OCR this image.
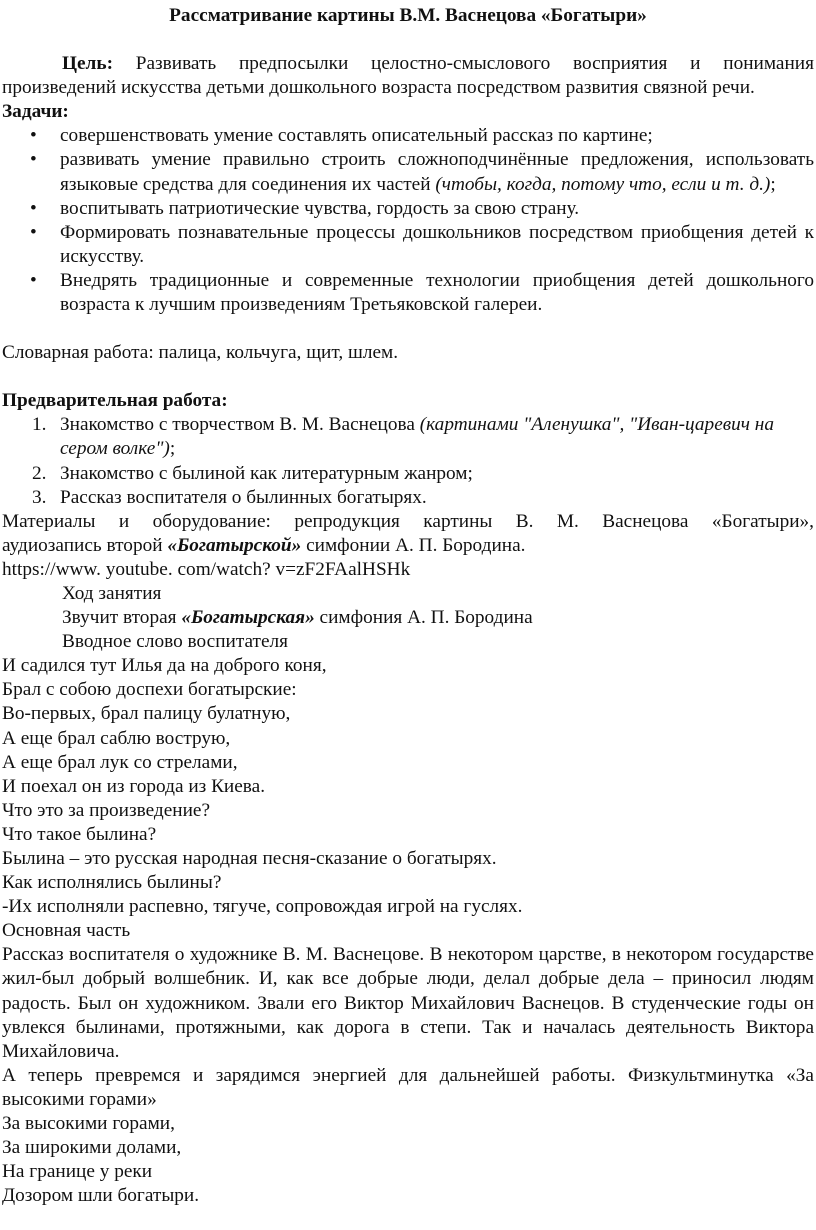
Рассматривание картины В.М. Васнецова «Богатыри»

Цель: Развивать предпосылки целостно-смыслового восприятия и понимания произведений искусства детьми дошкольного возраста посредством развития связной речи.

Задачи:

• совершенствовать умение составлять описательный рассказ по картине;
• развивать умение правильно строить сложноподчинённые предложения, использовать языковые средства для соединения их частей (чтобы, когда, потому что, если и т. д.);
• воспитывать патриотические чувства, гордость за свою страну.
• Формировать познавательные процессы дошкольников посредством приобщения детей к искусству.
• Внедрять традиционные и современные технологии приобщения детей дошкольного возраста к лучшим произведениям Третьяковской галереи.

Словарная работа: палица, кольчуга, щит, шлем.

Предварительная работа:

1. Знакомство с творчеством В. М. Васнецова (картинами "Аленушка", "Иван-царевич на сером волке");
2. Знакомство с былиной как литературным жанром;
3. Рассказ воспитателя о былинных богатырях.

Материалы и оборудование: репродукция картины В. М. Васнецова «Богатыри»,

аудиозапись второй «Богатырской» симфонии А. П. Бородина.

https://www. youtube. com/watch? v=zF2FAalHSHk

Ход занятия

Звучит вторая «Богатырская» симфония А. П. Бородина

Вводное слово воспитателя

И садился тут Илья да на доброго коня,

Брал с собою доспехи богатырские:

Во-первых, брал палицу булатную,

А еще брал саблю вострую,

А еще брал лук со стрелами,

И поехал он из города из Киева.

Что это за произведение?

Что такое былина?

Былина – это русская народная песня-сказание о богатырях.

Как исполнялись былины?

-Их исполняли распевно, тягуче, сопровождая игрой на гуслях.

Основная часть

Рассказ воспитателя о художнике В. М. Васнецове. В некотором царстве, в некотором государстве жил-был добрый волшебник. И, как все добрые люди, делал добрые дела – приносил людям радость. Был он художником. Звали его Виктор Михайлович Васнецов. В студенческие годы он увлекся былинами, протяжными, как дорога в степи. Так и началась деятельность Виктора Михайловича.

А теперь превремся и зарядимся энергией для дальнейшей работы. Физкультминутка «За высокими горами»

За высокими горами,

За широкими долами,

На границе у реки

Дозором шли богатыри.
